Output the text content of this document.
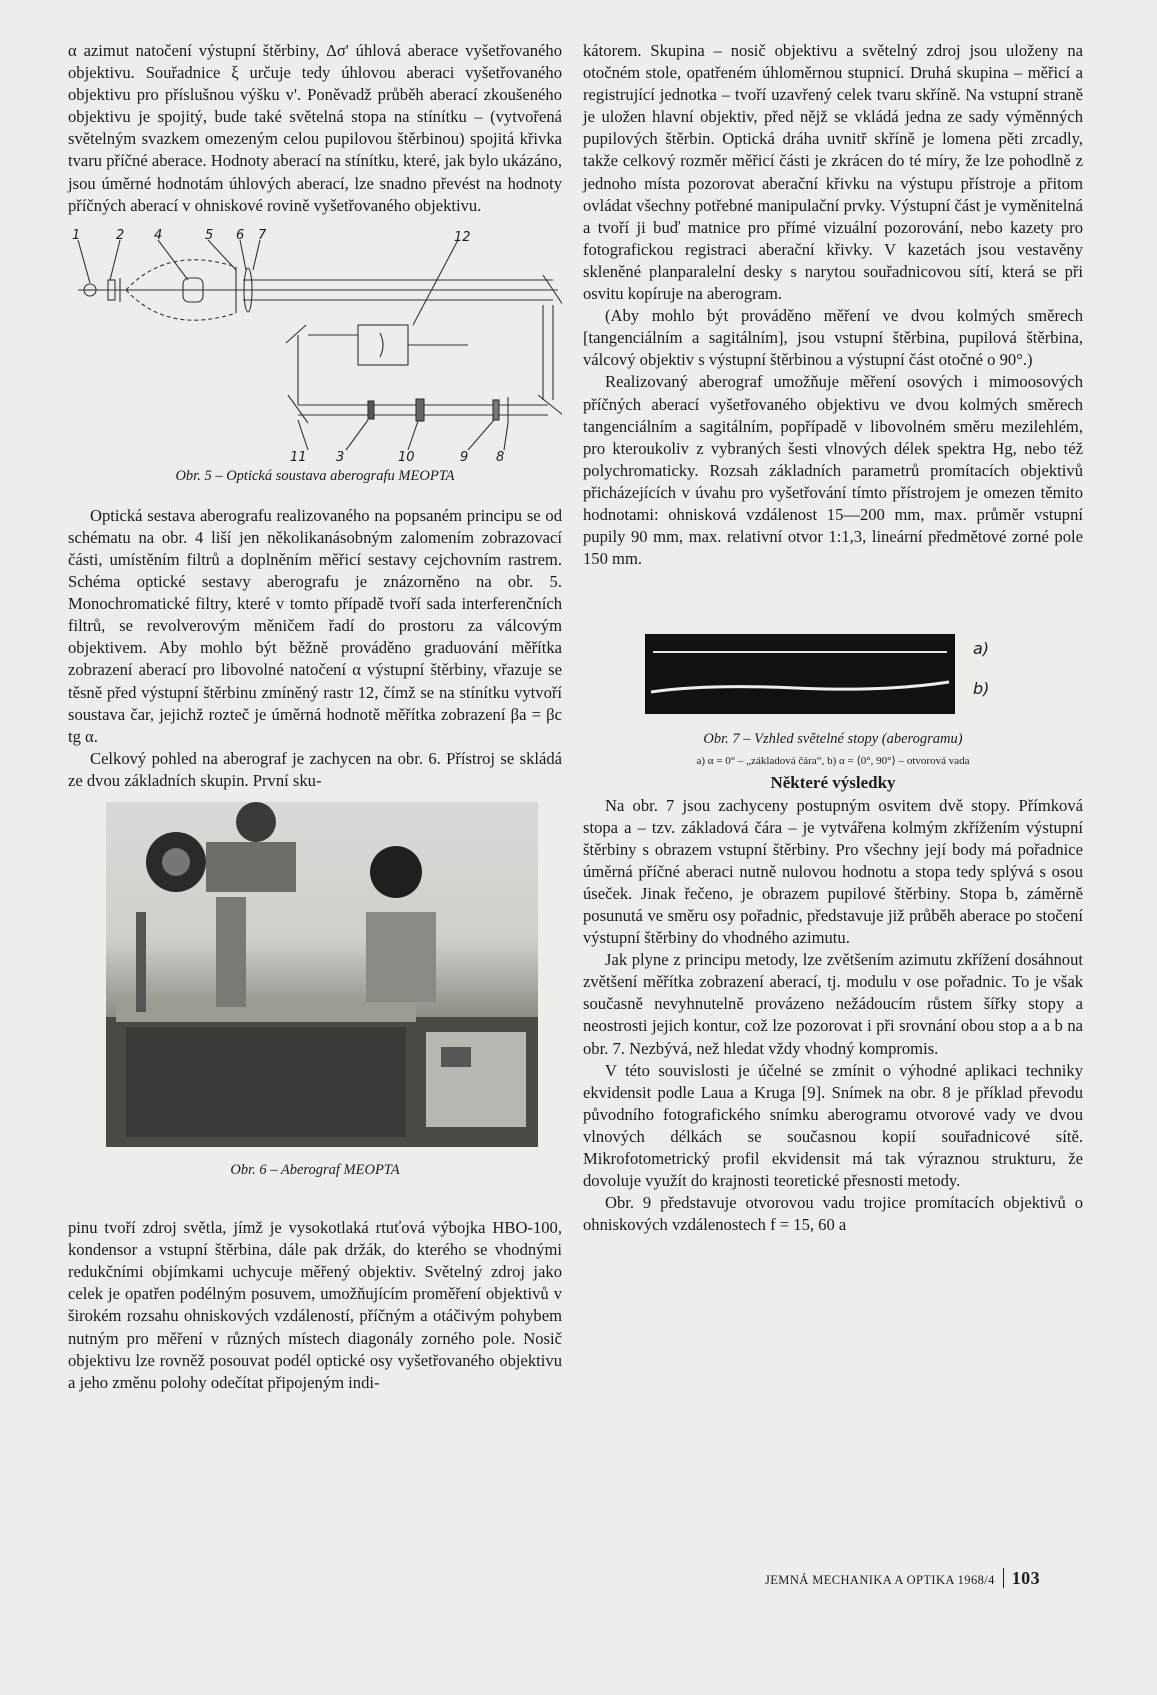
α azimut natočení výstupní štěrbiny, Δσ' úhlová aberace vyšetřovaného objektivu. Souřadnice ξ určuje tedy úhlovou aberaci vyšetřovaného objektivu pro příslušnou výšku v'. Poněvadž průběh aberací zkoušeného objektivu je spojitý, bude také světelná stopa na stínítku – (vytvořená světelným svazkem omezeným celou pupilovou štěrbinou) spojitá křivka tvaru příčné aberace. Hodnoty aberací na stínítku, které, jak bylo ukázáno, jsou úměrné hodnotám úhlových aberací, lze snadno převést na hodnoty příčných aberací v ohniskové rovině vyšetřovaného objektivu.

1	2 4	5 6 7	12
11 3	10	9 8

Obr. 5 – Optická soustava aberografu MEOPTA

Optická sestava aberografu realizovaného na popsaném principu se od schématu na obr. 4 liší jen několikanásobným zalomením zobrazovací části, umístěním filtrů a doplněním měřicí sestavy cejchovním rastrem. Schéma optické sestavy aberografu je znázorněno na obr. 5. Monochromatické filtry, které v tomto případě tvoří sada interferenčních filtrů, se revolverovým měničem řadí do prostoru za válcovým objektivem. Aby mohlo být běžně prováděno graduování měřítka zobrazení aberací pro libovolné natočení α výstupní štěrbiny, vřazuje se těsně před výstupní štěrbinu zmíněný rastr 12, čímž se na stínítku vytvoří soustava čar, jejichž rozteč je úměrná hodnotě měřítka zobrazení βa = βc tg α.

Celkový pohled na aberograf je zachycen na obr. 6. Přístroj se skládá ze dvou základních skupin. První sku-

Obr. 6 – Aberograf MEOPTA

pinu tvoří zdroj světla, jímž je vysokotlaká rtuťová výbojka HBO-100, kondensor a vstupní štěrbina, dále pak držák, do kterého se vhodnými redukčními objímkami uchycuje měřený objektiv. Světelný zdroj jako celek je opatřen podélným posuvem, umožňujícím proměření objektivů v širokém rozsahu ohniskových vzdáleností, příčným a otáčivým pohybem nutným pro měření v různých místech diagonály zorného pole. Nosič objektivu lze rovněž posouvat podél optické osy vyšetřovaného objektivu a jeho změnu polohy odečítat připojeným indi-

kátorem. Skupina – nosič objektivu a světelný zdroj jsou uloženy na otočném stole, opatřeném úhloměrnou stupnicí. Druhá skupina – měřicí a registrující jednotka – tvoří uzavřený celek tvaru skříně. Na vstupní straně je uložen hlavní objektiv, před nějž se vkládá jedna ze sady výměnných pupilových štěrbin. Optická dráha uvnitř skříně je lomena pěti zrcadly, takže celkový rozměr měřicí části je zkrácen do té míry, že lze pohodlně z jednoho místa pozorovat aberační křivku na výstupu přístroje a přitom ovládat všechny potřebné manipulační prvky. Výstupní část je vyměnitelná a tvoří ji buď matnice pro přímé vizuální pozorování, nebo kazety pro fotografickou registraci aberační křivky. V kazetách jsou vestavěny skleněné planparalelní desky s narytou souřadnicovou sítí, která se při osvitu kopíruje na aberogram.

(Aby mohlo být prováděno měření ve dvou kolmých směrech [tangenciálním a sagitálním], jsou vstupní štěrbina, pupilová štěrbina, válcový objektiv s výstupní štěrbinou a výstupní část otočné o 90°.)

Realizovaný aberograf umožňuje měření osových i mimoosových příčných aberací vyšetřovaného objektivu ve dvou kolmých směrech tangenciálním a sagitálním, popřípadě v libovolném směru mezilehlém, pro kteroukoliv z vybraných šesti vlnových délek spektra Hg, nebo též polychromaticky. Rozsah základních parametrů promítacích objektivů přicházejících v úvahu pro vyšetřování tímto přístrojem je omezen těmito hodnotami: ohnisková vzdálenost 15—200 mm, max. průměr vstupní pupily 90 mm, max. relativní otvor 1:1,3, lineární předmětové zorné pole 150 mm.

a)
b)

Obr. 7 – Vzhled světelné stopy (aberogramu)

a) α = 0° – „základová čára“, b) α = ⟨0°, 90°⟩ – otvorová vada

Některé výsledky

Na obr. 7 jsou zachyceny postupným osvitem dvě stopy. Přímková stopa a – tzv. základová čára – je vytvářena kolmým zkřížením výstupní štěrbiny s obrazem vstupní štěrbiny. Pro všechny její body má pořadnice úměrná příčné aberaci nutně nulovou hodnotu a stopa tedy splývá s osou úseček. Jinak řečeno, je obrazem pupilové štěrbiny. Stopa b, záměrně posunutá ve směru osy pořadnic, představuje již průběh aberace po stočení výstupní štěrbiny do vhodného azimutu.

Jak plyne z principu metody, lze zvětšením azimutu zkřížení dosáhnout zvětšení měřítka zobrazení aberací, tj. modulu v ose pořadnic. To je však současně nevyhnutelně provázeno nežádoucím růstem šířky stopy a neostrosti jejich kontur, což lze pozorovat i při srovnání obou stop a a b na obr. 7. Nezbývá, než hledat vždy vhodný kompromis.

V této souvislosti je účelné se zmínit o výhodné aplikaci techniky ekvidensit podle Laua a Kruga [9]. Snímek na obr. 8 je příklad převodu původního fotografického snímku aberogramu otvorové vady ve dvou vlnových délkách se současnou kopií souřadnicové sítě. Mikrofotometrický profil ekvidensit má tak výraznou strukturu, že dovoluje využít do krajnosti teoretické přesnosti metody.

Obr. 9 představuje otvorovou vadu trojice promítacích objektivů o ohniskových vzdálenostech f = 15, 60 a

JEMNÁ MECHANIKA A OPTIKA 1968/4 103
